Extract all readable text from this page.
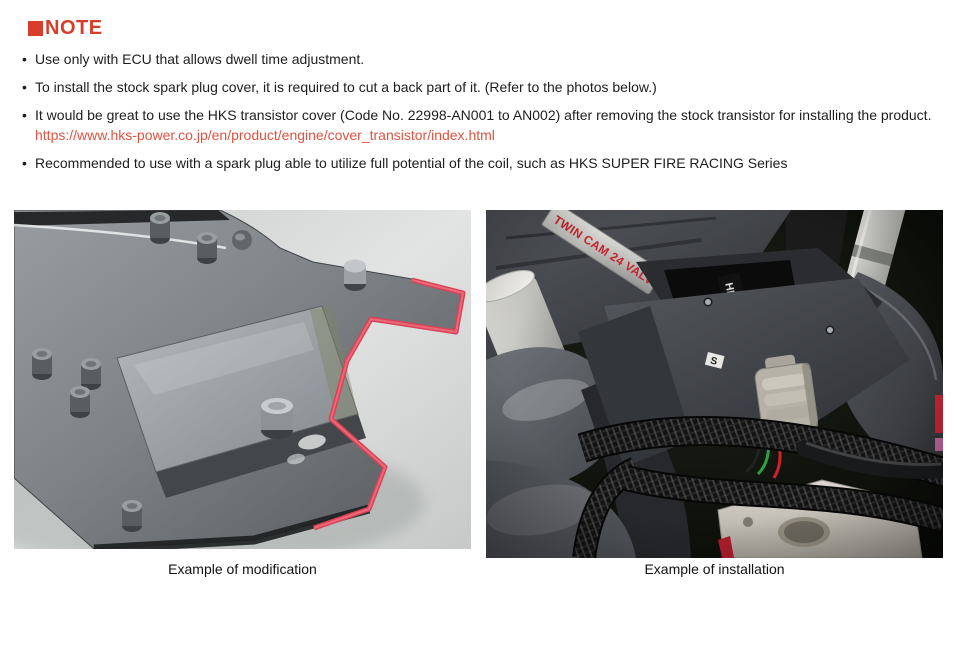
NOTE
• Use only with ECU that allows dwell time adjustment.
• To install the stock spark plug cover, it is required to cut a back part of it. (Refer to the photos below.)
• It would be great to use the HKS transistor cover (Code No. 22998-AN001 to AN002) after removing the stock transistor for installing the product.
https://www.hks-power.co.jp/en/product/engine/cover_transistor/index.html
• Recommended to use with a spark plug able to utilize full potential of the coil, such as HKS SUPER FIRE RACING Series
Example of modification	Example of installation
